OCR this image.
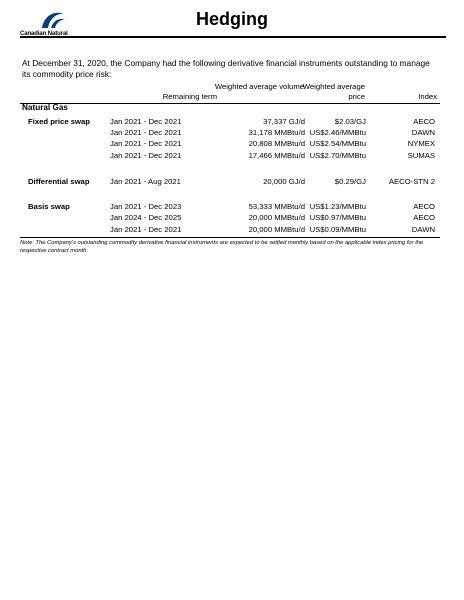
Canadian Natural
Hedging
At December 31, 2020, the Company had the following derivative financial instruments outstanding to manage its commodity price risk:
Remaining term
Weighted average volume
Weighted average price	Index
Natural Gas
Fixed price swap	Jan 2021 - Dec 2021	37,337 GJ/d	$2.03/GJ	AECO
Jan 2021 - Dec 2021	31,178 MMBtu/d US$2.46/MMBtu	DAWN
Jan 2021 - Dec 2021	20,808 MMBtu/d US$2.54/MMBtu	NYMEX
Jan 2021 - Dec 2021	17,466 MMBtu/d US$2.70/MMBtu	SUMAS
Differential swap	Jan 2021 - Aug 2021	20,000 GJ/d	$0.29/GJ	AECO-STN 2
Basis swap	Jan 2021 - Dec 2023	53,333 MMBtu/d US$1.23/MMBtu	AECO
Jan 2024 - Dec 2025	20,000 MMBtu/d US$0.97/MMBtu	AECO
Jan 2021 - Dec 2021	20,000 MMBtu/d US$0.09/MMBtu	DAWN
Note: The Company's outstanding commodity derivative financial instruments are expected to be settled monthly based on the applicable index pricing for the respective contract month.
